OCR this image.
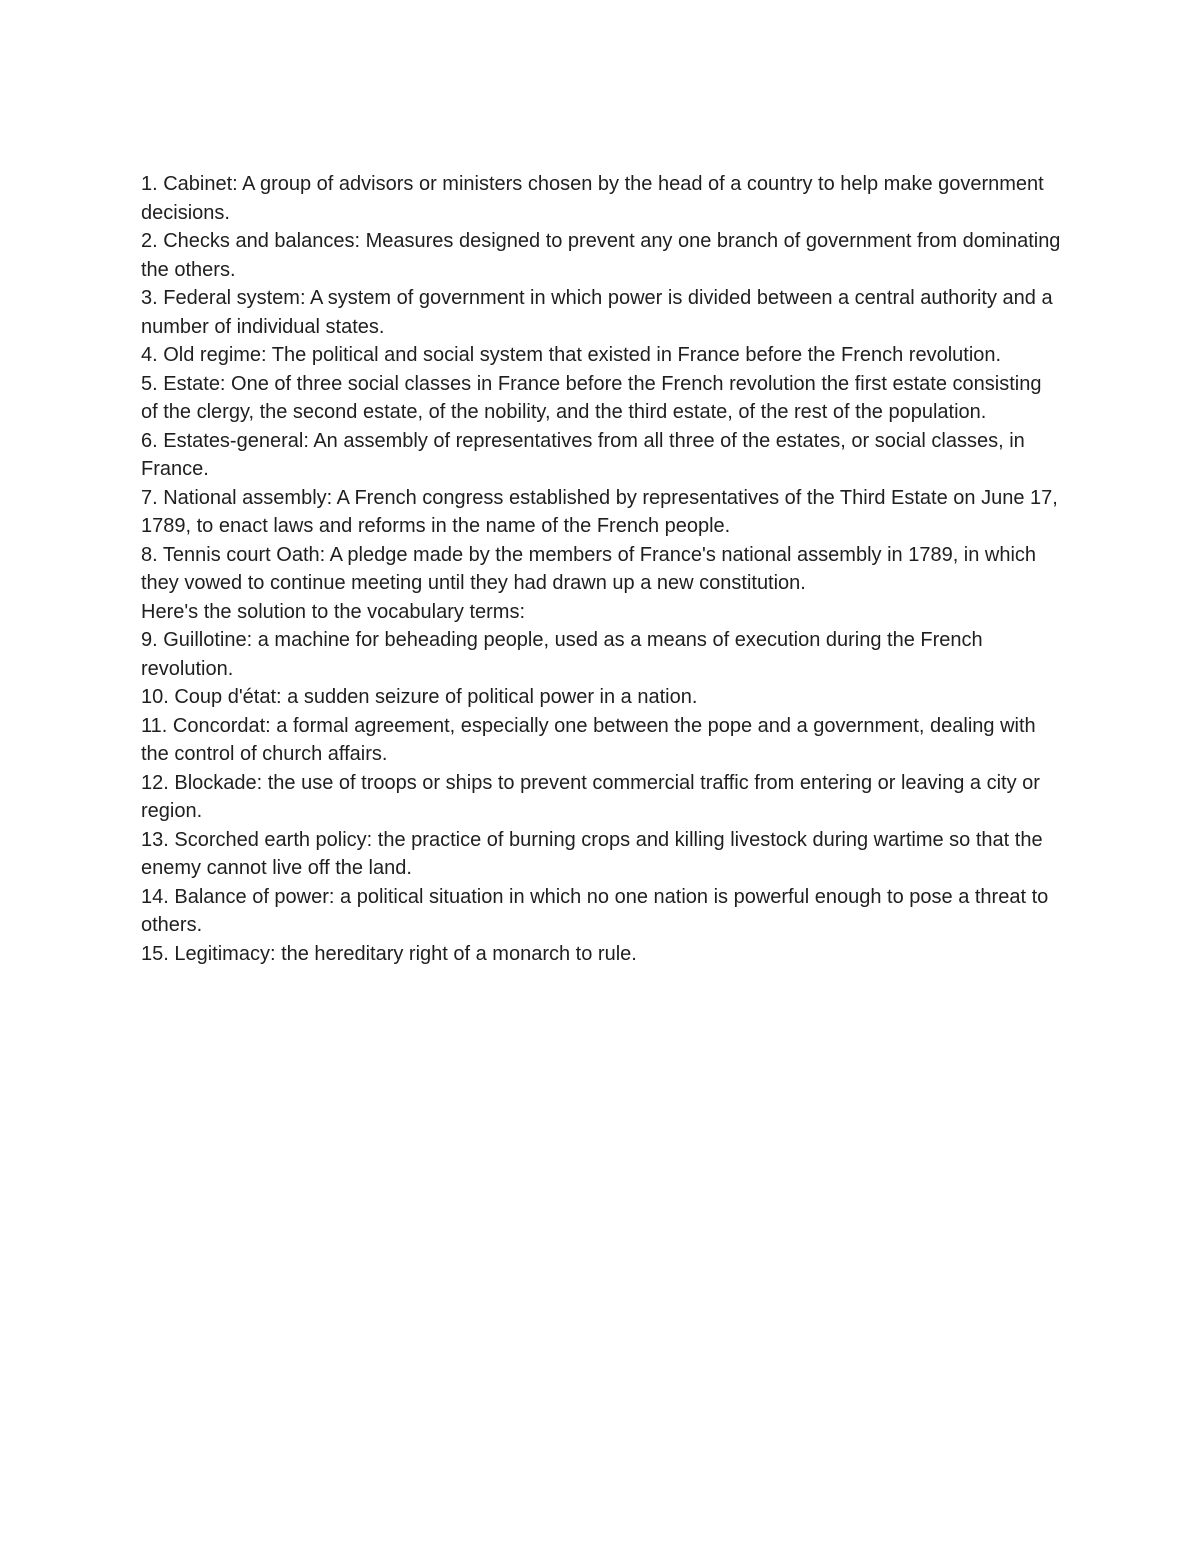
1. Cabinet: A group of advisors or ministers chosen by the head of a country to help make government decisions.

2. Checks and balances: Measures designed to prevent any one branch of government from dominating the others.

3. Federal system: A system of government in which power is divided between a central authority and a number of individual states.

4. Old regime: The political and social system that existed in France before the French revolution.

5. Estate: One of three social classes in France before the French revolution the first estate consisting of the clergy, the second estate, of the nobility, and the third estate, of the rest of the population.

6. Estates-general: An assembly of representatives from all three of the estates, or social classes, in France.

7. National assembly: A French congress established by representatives of the Third Estate on June 17, 1789, to enact laws and reforms in the name of the French people.

8. Tennis court Oath: A pledge made by the members of France's national assembly in 1789, in which they vowed to continue meeting until they had drawn up a new constitution.

Here's the solution to the vocabulary terms:

9. Guillotine: a machine for beheading people, used as a means of execution during the French revolution.

10. Coup d'état: a sudden seizure of political power in a nation.

11. Concordat: a formal agreement, especially one between the pope and a government, dealing with the control of church affairs.

12. Blockade: the use of troops or ships to prevent commercial traffic from entering or leaving a city or region.

13. Scorched earth policy: the practice of burning crops and killing livestock during wartime so that the enemy cannot live off the land.

14. Balance of power: a political situation in which no one nation is powerful enough to pose a threat to others.

15. Legitimacy: the hereditary right of a monarch to rule.
